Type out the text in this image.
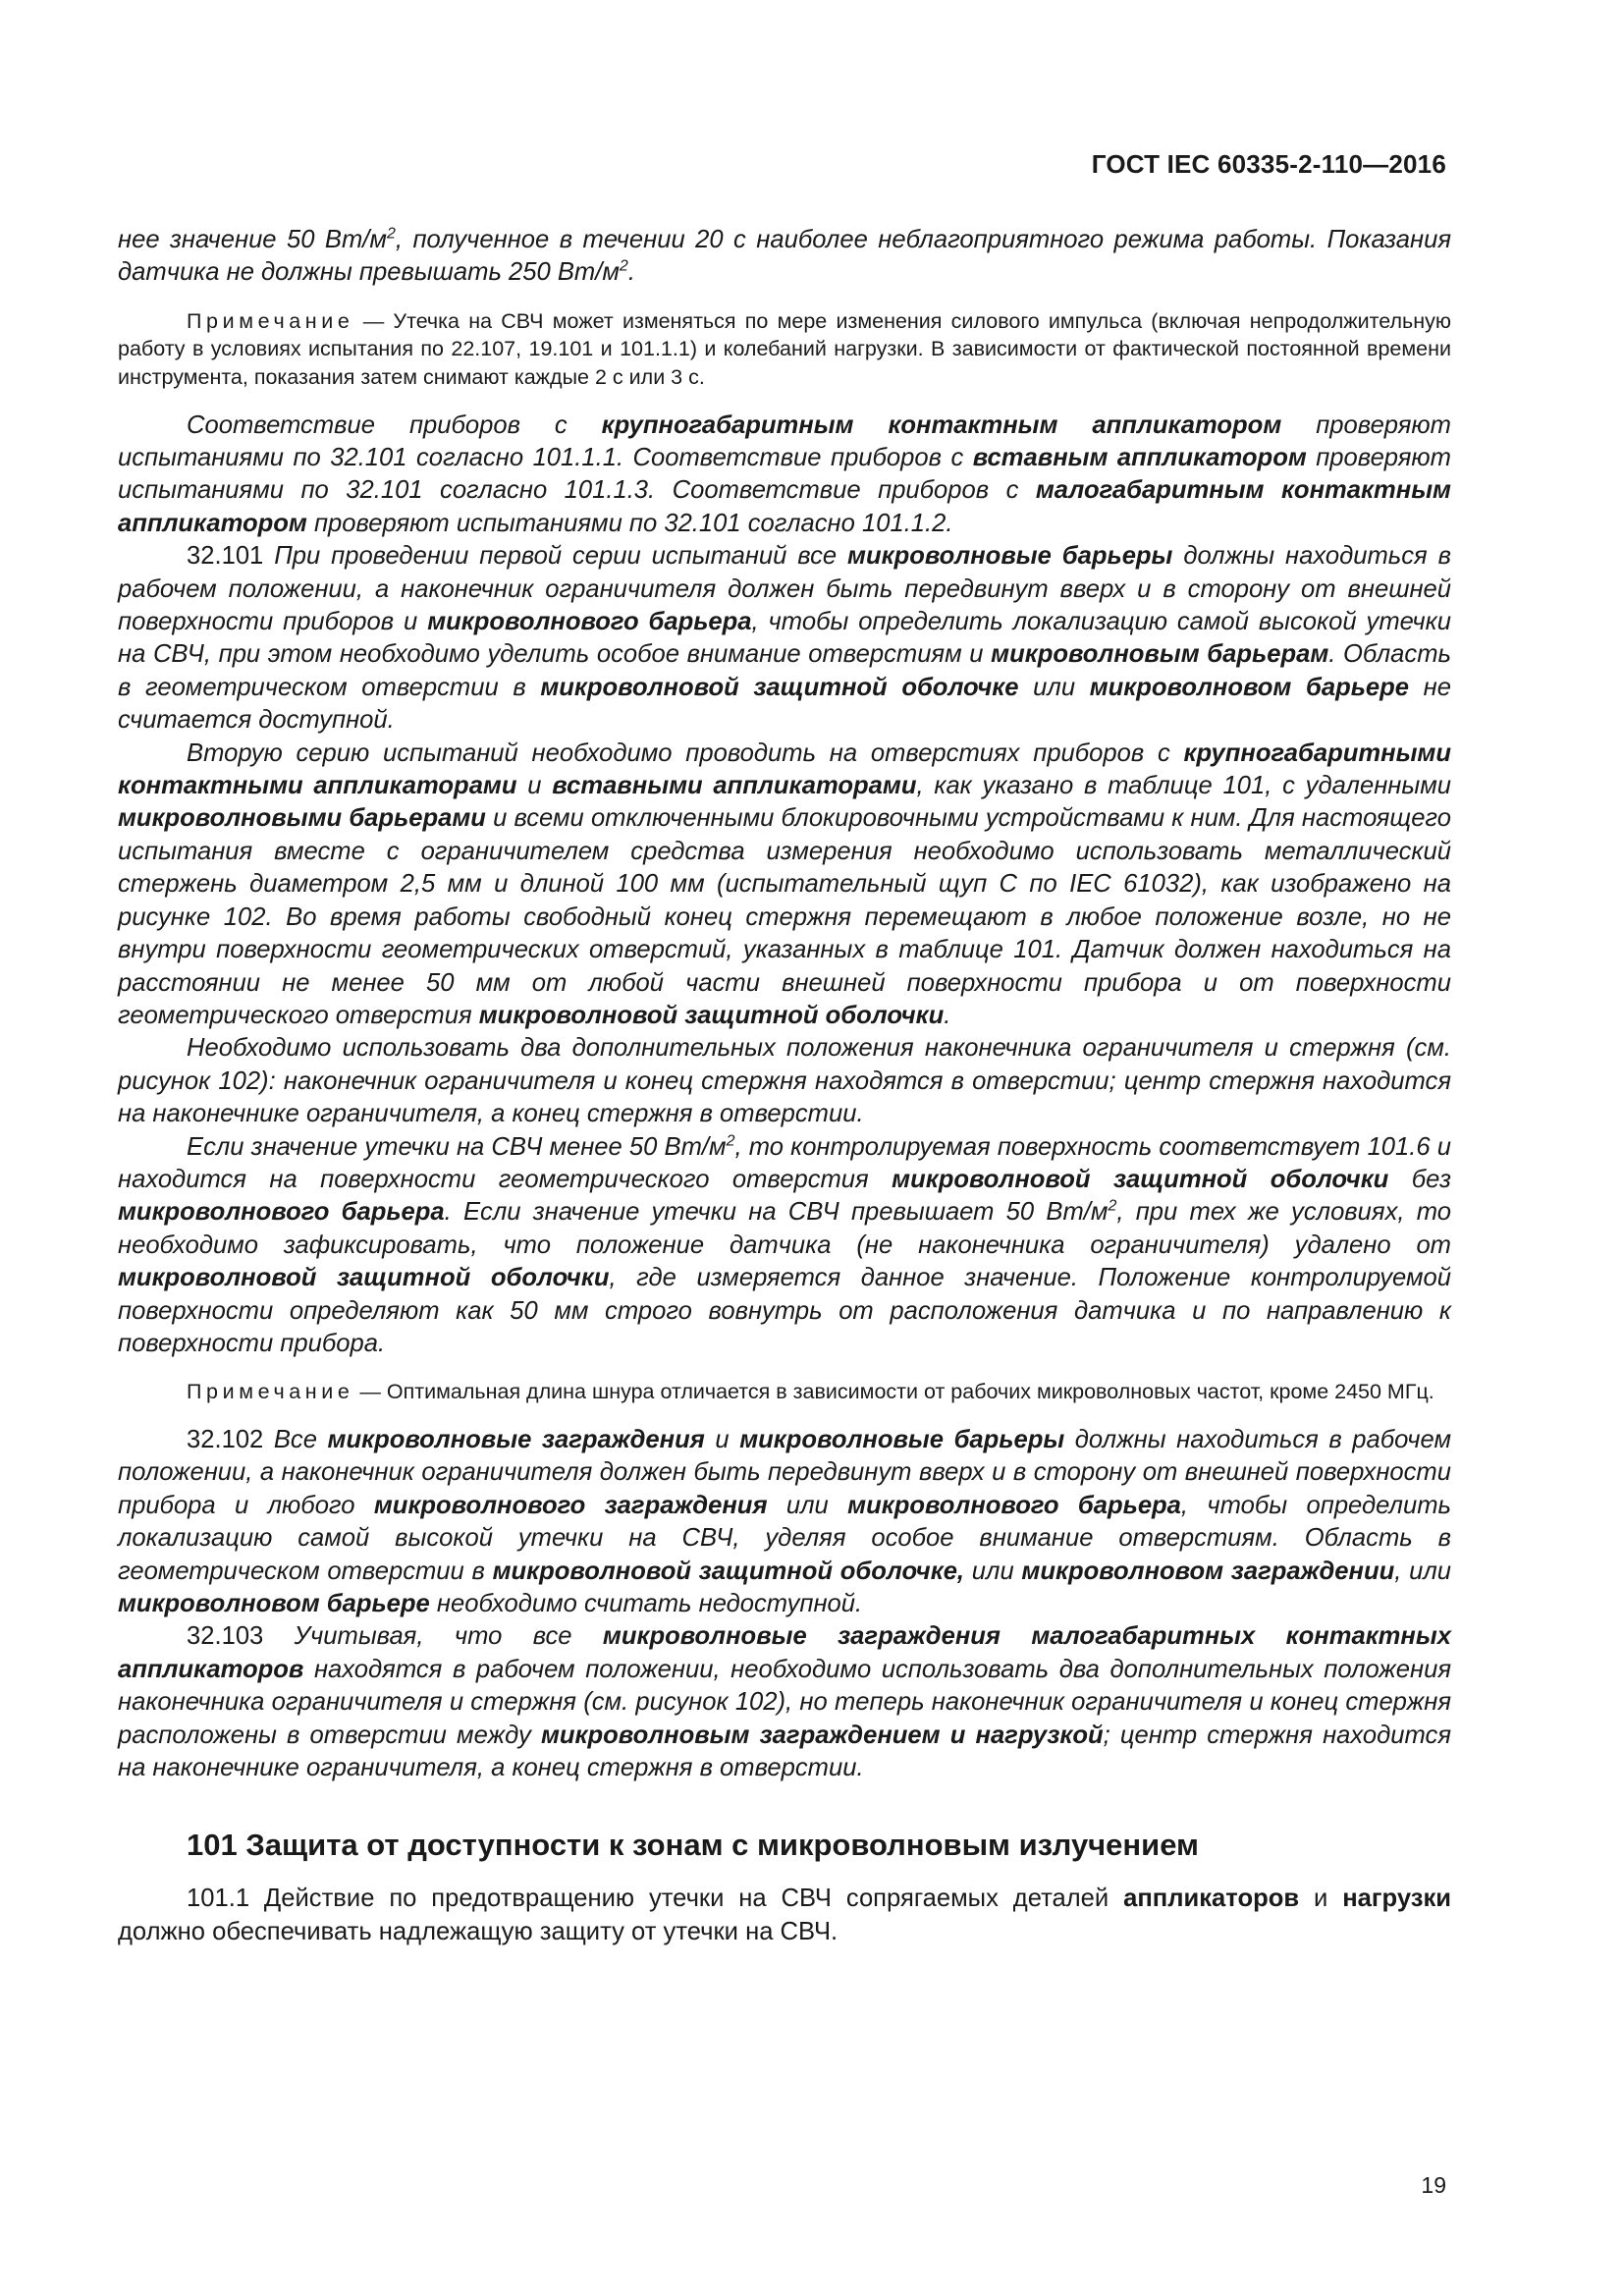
ГОСТ IEC 60335-2-110—2016

нее значение 50 $Вт/м^2$, полученное в течении 20 с наиболее неблагоприятного режима работы. Показания датчика не должны превышать 250 $Вт/м^2$.

Примечание — Утечка на СВЧ может изменяться по мере изменения силового импульса (включая непродолжительную работу в условиях испытания по 22.107, 19.101 и 101.1.1) и колебаний нагрузки. В зависимости от фактической постоянной времени инструмента, показания затем снимают каждые 2 с или 3 с.

Соответствие приборов с крупногабаритным контактным аппликатором проверяют испытаниями по 32.101 согласно 101.1.1. Соответствие приборов с вставным аппликатором проверяют испытаниями по 32.101 согласно 101.1.3. Соответствие приборов с малогабаритным контактным аппликатором проверяют испытаниями по 32.101 согласно 101.1.2.

32.101 При проведении первой серии испытаний все микроволновые барьеры должны находиться в рабочем положении, а наконечник ограничителя должен быть передвинут вверх и в сторону от внешней поверхности приборов и микроволнового барьера, чтобы определить локализацию самой высокой утечки на СВЧ, при этом необходимо уделить особое внимание отверстиям и микроволновым барьерам. Область в геометрическом отверстии в микроволновой защитной оболочке или микроволновом барьере не считается доступной.

Вторую серию испытаний необходимо проводить на отверстиях приборов с крупногабаритными контактными аппликаторами и вставными аппликаторами, как указано в таблице 101, с удаленными микроволновыми барьерами и всеми отключенными блокировочными устройствами к ним. Для настоящего испытания вместе с ограничителем средства измерения необходимо использовать металлический стержень диаметром 2,5 мм и длиной 100 мм (испытательный щуп С по IEC 61032), как изображено на рисунке 102. Во время работы свободный конец стержня перемещают в любое положение возле, но не внутри поверхности геометрических отверстий, указанных в таблице 101. Датчик должен находиться на расстоянии не менее 50 мм от любой части внешней поверхности прибора и от поверхности геометрического отверстия микроволновой защитной оболочки.

Необходимо использовать два дополнительных положения наконечника ограничителя и стержня (см. рисунок 102): наконечник ограничителя и конец стержня находятся в отверстии; центр стержня находится на наконечнике ограничителя, а конец стержня в отверстии.

Если значение утечки на СВЧ менее 50 $Вт/м^2$, то контролируемая поверхность соответствует 101.6 и находится на поверхности геометрического отверстия микроволновой защитной оболочки без микроволнового барьера. Если значение утечки на СВЧ превышает 50 $Вт/м^2$, при тех же условиях, то необходимо зафиксировать, что положение датчика (не наконечника ограничителя) удалено от микроволновой защитной оболочки, где измеряется данное значение. Положение контролируемой поверхности определяют как 50 мм строго вовнутрь от расположения датчика и по направлению к поверхности прибора.

Примечание — Оптимальная длина шнура отличается в зависимости от рабочих микроволновых частот, кроме 2450 МГц.

32.102 Все микроволновые заграждения и микроволновые барьеры должны находиться в рабочем положении, а наконечник ограничителя должен быть передвинут вверх и в сторону от внешней поверхности прибора и любого микроволнового заграждения или микроволнового барьера, чтобы определить локализацию самой высокой утечки на СВЧ, уделяя особое внимание отверстиям. Область в геометрическом отверстии в микроволновой защитной оболочке, или микроволновом заграждении, или микроволновом барьере необходимо считать недоступной.

32.103 Учитывая, что все микроволновые заграждения малогабаритных контактных аппликаторов находятся в рабочем положении, необходимо использовать два дополнительных положения наконечника ограничителя и стержня (см. рисунок 102), но теперь наконечник ограничителя и конец стержня расположены в отверстии между микроволновым заграждением и нагрузкой; центр стержня находится на наконечнике ограничителя, а конец стержня в отверстии.

101 Защита от доступности к зонам с микроволновым излучением

101.1 Действие по предотвращению утечки на СВЧ сопрягаемых деталей аппликаторов и нагрузки должно обеспечивать надлежащую защиту от утечки на СВЧ.

19
